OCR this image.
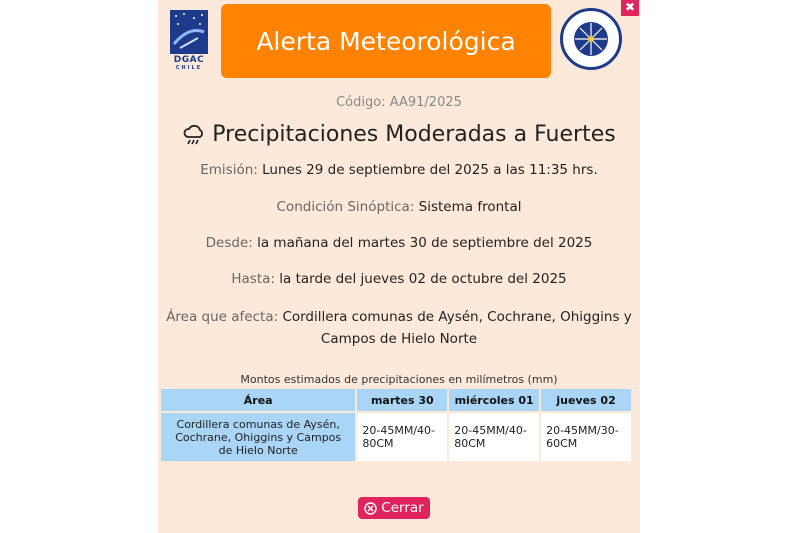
DGAC
CHILE
Alerta Meteorológica
✖
Código: AA91/2025
Precipitaciones Moderadas a Fuertes
Emisión: Lunes 29 de septiembre del 2025 a las 11:35 hrs.
Condición Sinóptica: Sistema frontal
Desde: la mañana del martes 30 de septiembre del 2025
Hasta: la tarde del jueves 02 de octubre del 2025
Área que afecta: Cordillera comunas de Aysén, Cochrane, Ohiggins y
Campos de Hielo Norte
Montos estimados de precipitaciones en milímetros (mm)
Área	martes 30	miércoles 01	jueves 02
Cordillera comunas de Aysén, Cochrane, Ohiggins y Campos de Hielo Norte	20-45MM/40-80CM	20-45MM/40-80CM	20-45MM/30-60CM
Cerrar
